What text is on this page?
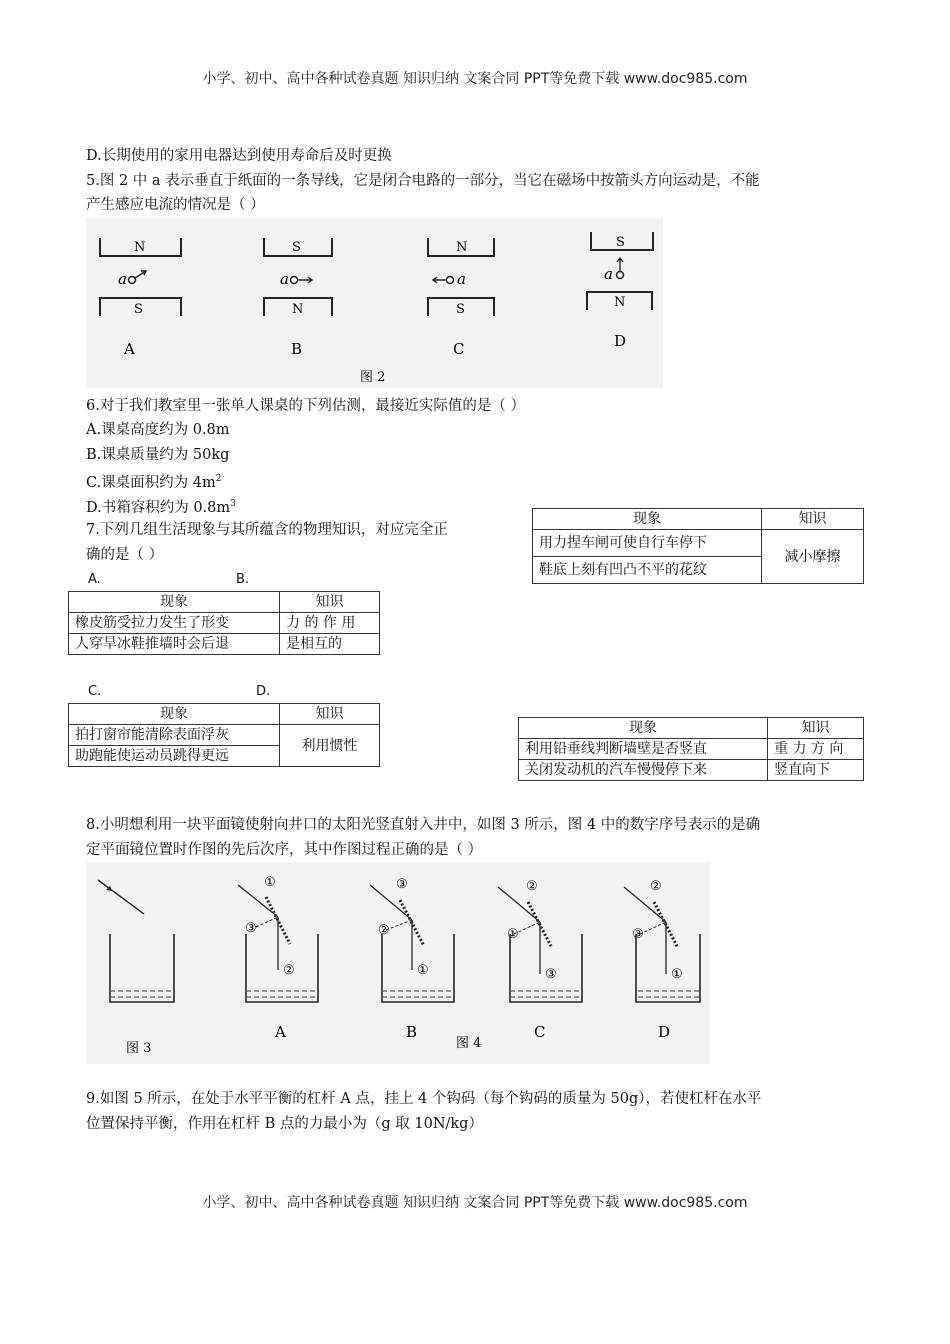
小学、初中、高中各种试卷真题 知识归纳 文案合同 PPT等免费下载 www.doc985.com
小学、初中、高中各种试卷真题 知识归纳 文案合同 PPT等免费下载 www.doc985.com
D.长期使用的家用电器达到使用寿命后及时更换
5.图 2 中 a 表示垂直于纸面的一条导线，它是闭合电路的一部分，当它在磁场中按箭头方向运动是，不能
产生感应电流的情况是（ ）
N
a
S
A
S
a
N
B
N
a
S
C
S
a
N
D
图 2
6.对于我们教室里一张单人课桌的下列估测，最接近实际值的是（ ）
A.课桌高度约为 0.8m
B.课桌质量约为 50kg
C.课桌面积约为 $4m^2$
D.书箱容积约为 $0.8m^3$
7.下列几组生活现象与其所蕴含的物理知识，对应完全正
确的是（ ）
A.	B.
现象	知识
用力捏车闸可使自行车停下	减小摩擦
鞋底上刻有凹凸不平的花纹	
现象	知识
橡皮筋受拉力发生了形变	力 的 作 用
人穿旱冰鞋推墙时会后退	是相互的
C.	D.
现象	知识
拍打窗帘能清除表面浮灰	利用惯性
助跑能使运动员跳得更远	
现象	知识
利用铅垂线判断墙壁是否竖直	重 力 方 向
关闭发动机的汽车慢慢停下来	竖直向下
8.小明想利用一块平面镜使射向井口的太阳光竖直射入井中，如图 3 所示，图 4 中的数字序号表示的是确
定平面镜位置时作图的先后次序，其中作图过程正确的是（ ）
图 3
①
③
②
A
③
②
①
B
图 4
②
①
③
C
②
③
①
D
9.如图 5 所示，在处于水平平衡的杠杆 A 点，挂上 4 个钩码（每个钩码的质量为 50g），若使杠杆在水平
位置保持平衡，作用在杠杆 B 点的力最小为（g 取 10N/kg）
